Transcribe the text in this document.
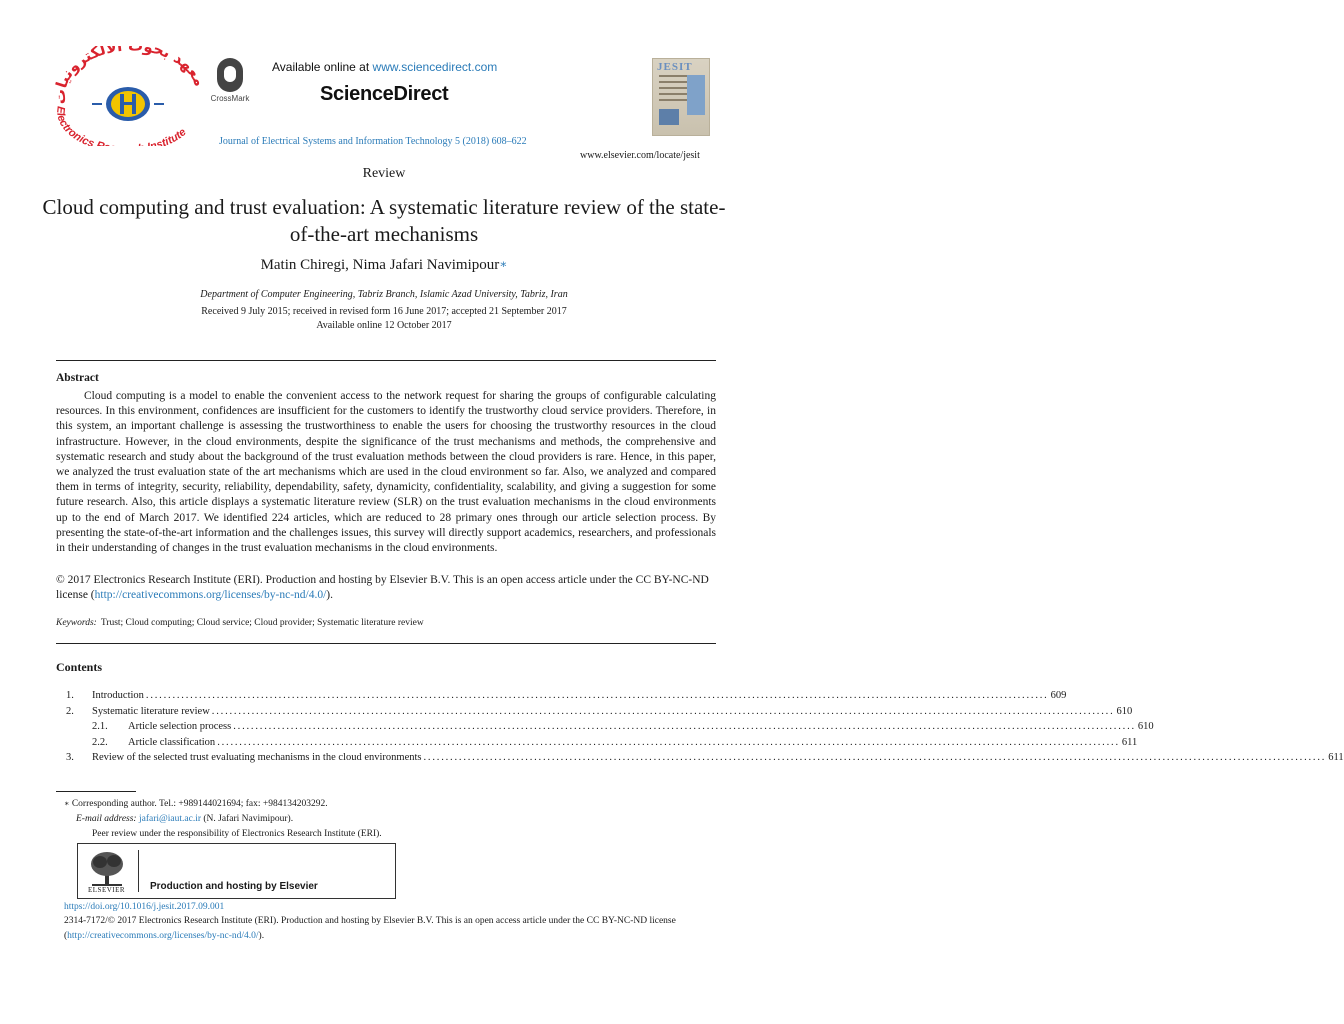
معهد بحو الالكترونيات
Electronics stitute
CrossMark
Available online at www.sciencedirect.com
ScienceDirect
JESIT
Journal of Electrical Systems and Information Technology 5 (2018) 608–622
www.elsevier.com/locate/jesit
Review
Cloud computing and trust evaluation: A systematic literature review of the state-of-the-art mechanisms
Matin Chiregi, Nima Jafari Navimipour∗
Department of Computer Engineering, Tabriz Branch, Islamic Azad University, Tabriz, Iran
Received 9 July 2015; received in revised form 16 June 2017; accepted 21 September 2017
Available online 12 October 2017
Abstract
Cloud computing is a model to enable the convenient access to the network request for sharing the groups of configurable calculating resources. In this environment, confidences are insufficient for the customers to identify the trustworthy cloud service providers. Therefore, in this system, an important challenge is assessing the trustworthiness to enable the users for choosing the trustworthy resources in the cloud infrastructure. However, in the cloud environments, despite the significance of the trust mechanisms and methods, the comprehensive and systematic research and study about the background of the trust evaluation methods between the cloud providers is rare. Hence, in this paper, we analyzed the trust evaluation state of the art mechanisms which are used in the cloud environment so far. Also, we analyzed and compared them in terms of integrity, security, reliability, dependability, safety, dynamicity, confidentiality, scalability, and giving a suggestion for some future research. Also, this article displays a systematic literature review (SLR) on the trust evaluation mechanisms in the cloud environments up to the end of March 2017. We identified 224 articles, which are reduced to 28 primary ones through our article selection process. By presenting the state-of-the-art information and the challenges issues, this survey will directly support academics, researchers, and professionals in their understanding of changes in the trust evaluation mechanisms in the cloud environments.
© 2017 Electronics Research Institute (ERI). Production and hosting by Elsevier B.V. This is an open access article under the CC BY-NC-ND license (http://creativecommons.org/licenses/by-nc-nd/4.0/).
Keywords: Trust; Cloud computing; Cloud service; Cloud provider; Systematic literature review
Contents
1.	Introduction ............................................................................................................................................................................................................ 609
2.	Systematic literature review ............................................................................................................................................................................................................ 610
2.1.	Article selection process ............................................................................................................................................................................................................ 610
2.2.	Article classification ............................................................................................................................................................................................................ 611
3.	Review of the selected trust evaluating mechanisms in the cloud environments ............................................................................................................................................................................................................ 611
∗ Corresponding author. Tel.: +989144021694; fax: +984134203292.
E-mail address: jafari@iaut.ac.ir (N. Jafari Navimipour).
Peer review under the responsibility of Electronics Research Institute (ERI).
ELSEVIER Production and hosting by Elsevier
https://doi.org/10.1016/j.jesit.2017.09.001
2314-7172/© 2017 Electronics Research Institute (ERI). Production and hosting by Elsevier B.V. This is an open access article under the CC BY-NC-ND license (http://creativecommons.org/licenses/by-nc-nd/4.0/).
